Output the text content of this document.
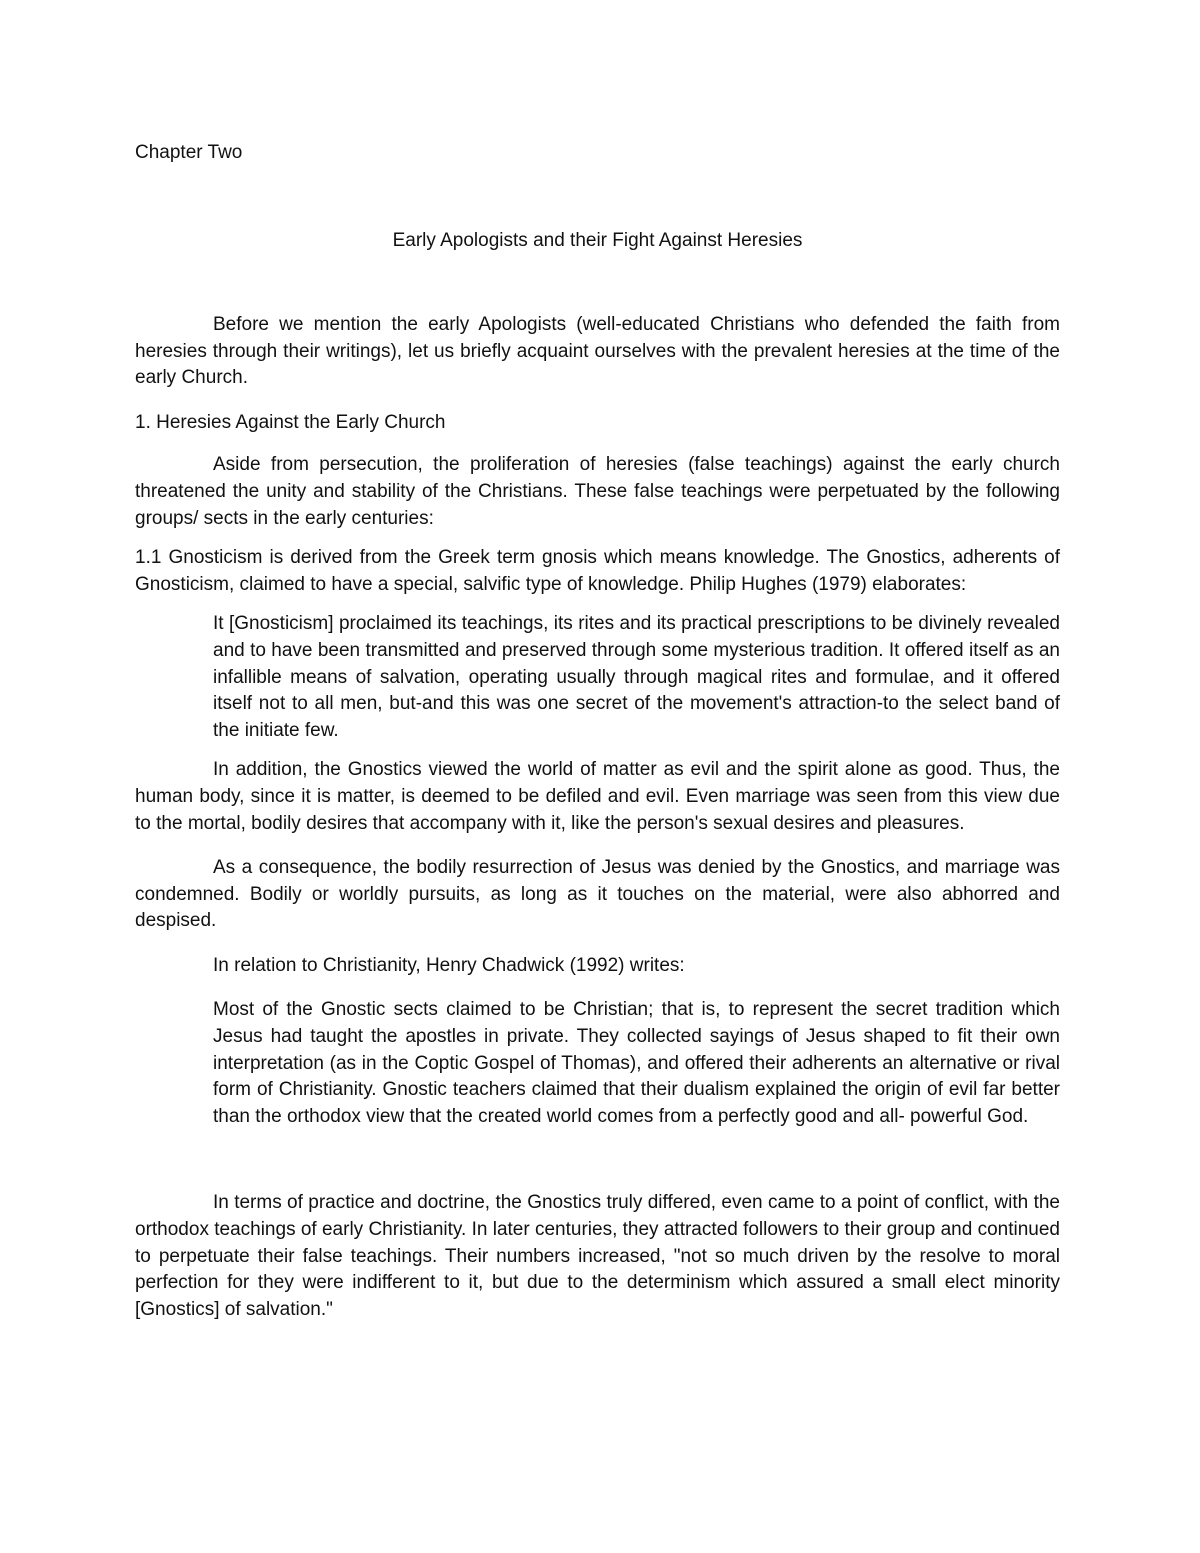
Chapter Two

Early Apologists and their Fight Against Heresies

Before we mention the early Apologists (well-educated Christians who defended the faith from heresies through their writings), let us briefly acquaint ourselves with the prevalent heresies at the time of the early Church.

1. Heresies Against the Early Church

Aside from persecution, the proliferation of heresies (false teachings) against the early church threatened the unity and stability of the Christians. These false teachings were perpetuated by the following groups/ sects in the early centuries:

1.1 Gnosticism is derived from the Greek term gnosis which means knowledge. The Gnostics, adherents of Gnosticism, claimed to have a special, salvific type of knowledge. Philip Hughes (1979) elaborates:

It [Gnosticism] proclaimed its teachings, its rites and its practical prescriptions to be divinely revealed and to have been transmitted and preserved through some mysterious tradition. It offered itself as an infallible means of salvation, operating usually through magical rites and formulae, and it offered itself not to all men, but-and this was one secret of the movement's attraction-to the select band of the initiate few.

In addition, the Gnostics viewed the world of matter as evil and the spirit alone as good. Thus, the human body, since it is matter, is deemed to be defiled and evil. Even marriage was seen from this view due to the mortal, bodily desires that accompany with it, like the person's sexual desires and pleasures.

As a consequence, the bodily resurrection of Jesus was denied by the Gnostics, and marriage was condemned. Bodily or worldly pursuits, as long as it touches on the material, were also abhorred and despised.

In relation to Christianity, Henry Chadwick (1992) writes:

Most of the Gnostic sects claimed to be Christian; that is, to represent the secret tradition which Jesus had taught the apostles in private. They collected sayings of Jesus shaped to fit their own interpretation (as in the Coptic Gospel of Thomas), and offered their adherents an alternative or rival form of Christianity. Gnostic teachers claimed that their dualism explained the origin of evil far better than the orthodox view that the created world comes from a perfectly good and all- powerful God.

In terms of practice and doctrine, the Gnostics truly differed, even came to a point of conflict, with the orthodox teachings of early Christianity. In later centuries, they attracted followers to their group and continued to perpetuate their false teachings. Their numbers increased, "not so much driven by the resolve to moral perfection for they were indifferent to it, but due to the determinism which assured a small elect minority [Gnostics] of salvation."
